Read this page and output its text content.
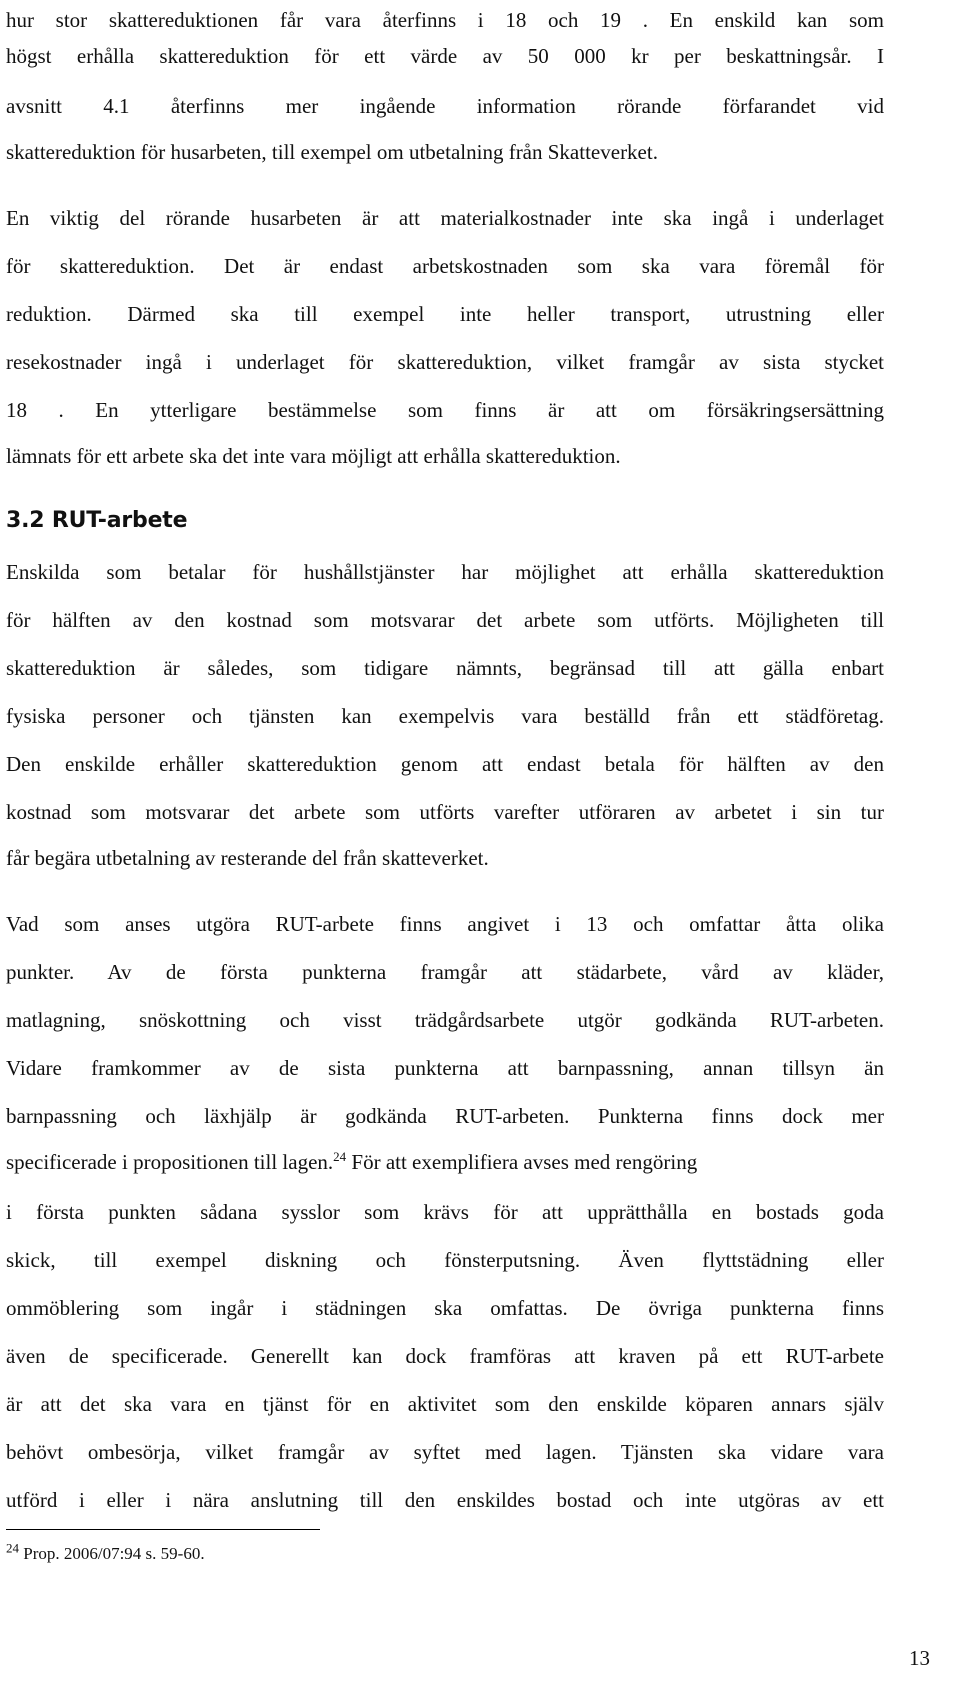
hur stor skattereduktionen får vara återfinns i 18 och 19 . En enskild kan som
högst erhålla skattereduktion för ett värde av 50 000 kr per beskattningsår. I
avsnitt 4.1 återfinns mer ingående information rörande förfarandet vid
skattereduktion för husarbeten, till exempel om utbetalning från Skatteverket.
En viktig del rörande husarbeten är att materialkostnader inte ska ingå i underlaget
för skattereduktion. Det är endast arbetskostnaden som ska vara föremål för
reduktion. Därmed ska till exempel inte heller transport, utrustning eller
resekostnader ingå i underlaget för skattereduktion, vilket framgår av sista stycket
18 . En ytterligare bestämmelse som finns är att om försäkringsersättning
lämnats för ett arbete ska det inte vara möjligt att erhålla skattereduktion.
3.2 RUT-arbete
Enskilda som betalar för hushållstjänster har möjlighet att erhålla skattereduktion
för hälften av den kostnad som motsvarar det arbete som utförts. Möjligheten till
skattereduktion är således, som tidigare nämnts, begränsad till att gälla enbart
fysiska personer och tjänsten kan exempelvis vara beställd från ett städföretag.
Den enskilde erhåller skattereduktion genom att endast betala för hälften av den
kostnad som motsvarar det arbete som utförts varefter utföraren av arbetet i sin tur
får begära utbetalning av resterande del från skatteverket.
Vad som anses utgöra RUT-arbete finns angivet i 13 och omfattar åtta olika
punkter. Av de första punkterna framgår att städarbete, vård av kläder,
matlagning, snöskottning och visst trädgårdsarbete utgör godkända RUT-arbeten.
Vidare framkommer av de sista punkterna att barnpassning, annan tillsyn än
barnpassning och läxhjälp är godkända RUT-arbeten. Punkterna finns dock mer
specificerade i propositionen till lagen.$^{24}$ För att exemplifiera avses med rengöring
i första punkten sådana sysslor som krävs för att upprätthålla en bostads goda
skick, till exempel diskning och fönsterputsning. Även flyttstädning eller
ommöblering som ingår i städningen ska omfattas. De övriga punkterna finns
även de specificerade. Generellt kan dock framföras att kraven på ett RUT-arbete
är att det ska vara en tjänst för en aktivitet som den enskilde köparen annars själv
behövt ombesörja, vilket framgår av syftet med lagen. Tjänsten ska vidare vara
utförd i eller i nära anslutning till den enskildes bostad och inte utgöras av ett
$^{24}$ Prop. 2006/07:94 s. 59-60.
13
